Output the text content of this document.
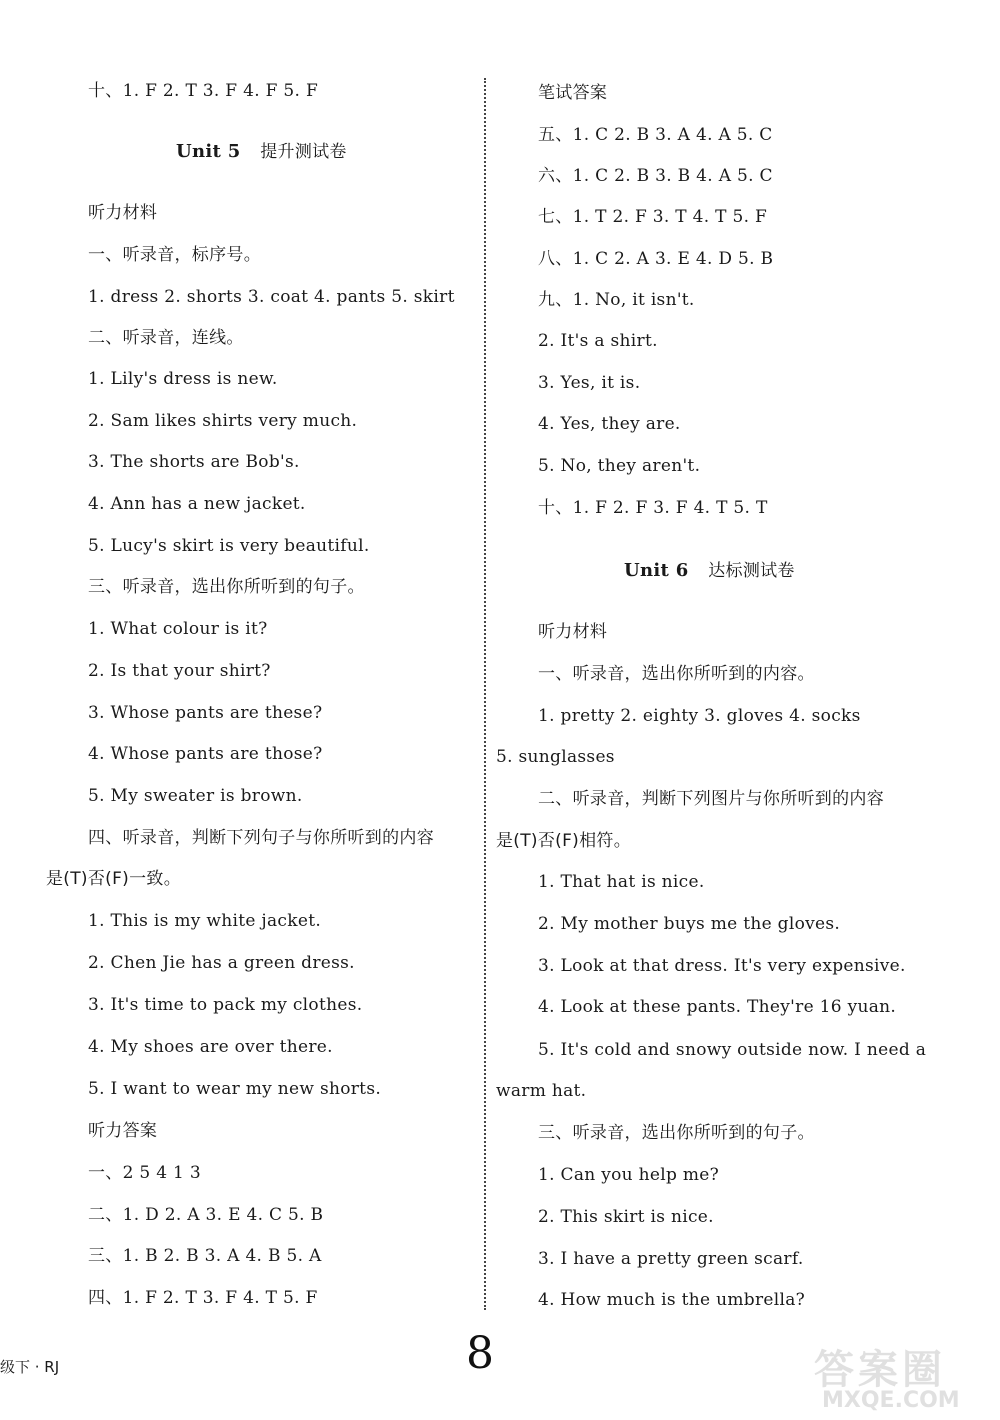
十、1. F 2. T 3. F 4. F 5. F
Unit 5 提升测试卷
听力材料
一、听录音，标序号。
1. dress 2. shorts 3. coat 4. pants 5. skirt
二、听录音，连线。
1. Lily's dress is new.
2. Sam likes shirts very much.
3. The shorts are Bob's.
4. Ann has a new jacket.
5. Lucy's skirt is very beautiful.
三、听录音，选出你所听到的句子。
1. What colour is it?
2. Is that your shirt?
3. Whose pants are these?
4. Whose pants are those?
5. My sweater is brown.
四、听录音，判断下列句子与你所听到的内容
是(T)否(F)一致。
1. This is my white jacket.
2. Chen Jie has a green dress.
3. It's time to pack my clothes.
4. My shoes are over there.
5. I want to wear my new shorts.
听力答案
一、2 5 4 1 3
二、1. D 2. A 3. E 4. C 5. B
三、1. B 2. B 3. A 4. B 5. A
四、1. F 2. T 3. F 4. T 5. F
笔试答案
五、1. C 2. B 3. A 4. A 5. C
六、1. C 2. B 3. B 4. A 5. C
七、1. T 2. F 3. T 4. T 5. F
八、1. C 2. A 3. E 4. D 5. B
九、1. No, it isn't.
2. It's a shirt.
3. Yes, it is.
4. Yes, they are.
5. No, they aren't.
十、1. F 2. F 3. F 4. T 5. T
Unit 6 达标测试卷
听力材料
一、听录音，选出你所听到的内容。
1. pretty 2. eighty 3. gloves 4. socks
5. sunglasses
二、听录音，判断下列图片与你所听到的内容
是(T)否(F)相符。
1. That hat is nice.
2. My mother buys me the gloves.
3. Look at that dress. It's very expensive.
4. Look at these pants. They're 16 yuan.
5. It's cold and snowy outside now. I need a
warm hat.
三、听录音，选出你所听到的句子。
1. Can you help me?
2. This skirt is nice.
3. I have a pretty green scarf.
4. How much is the umbrella?
级下 · RJ	8	答案圈
MXQE.COM
